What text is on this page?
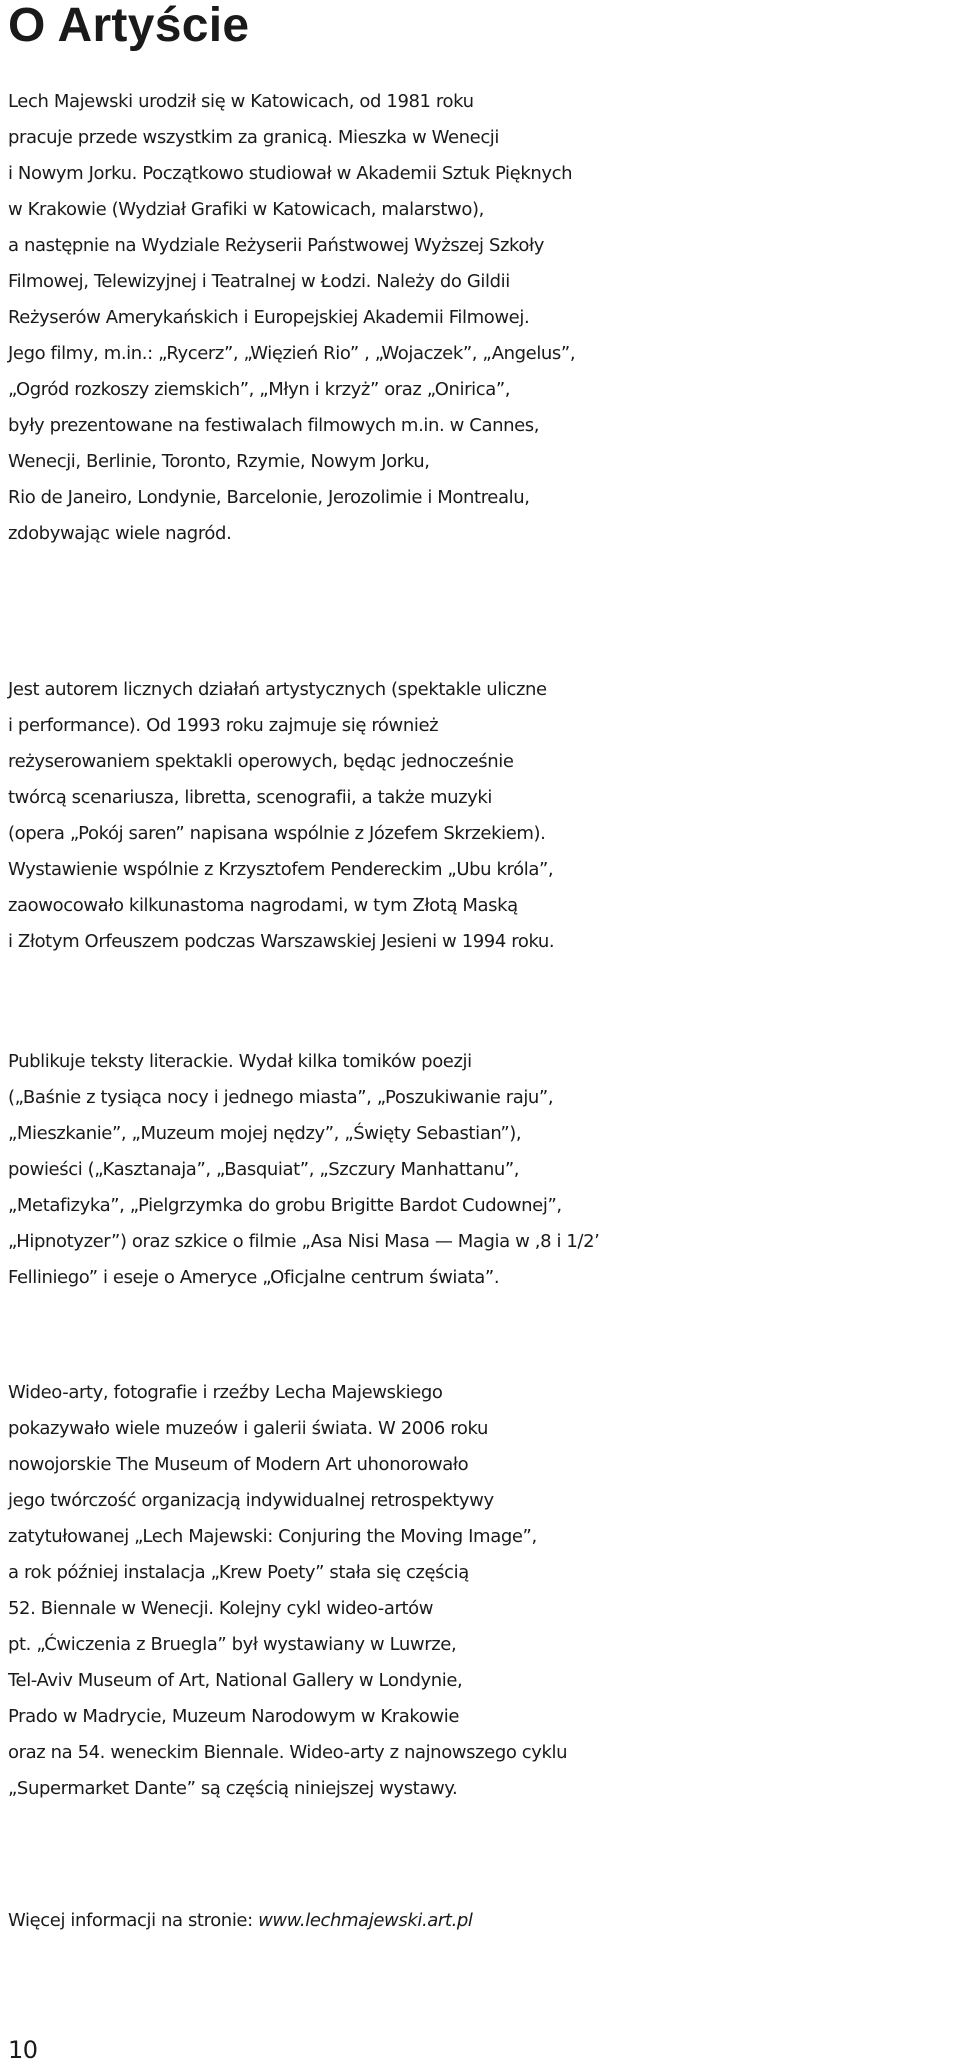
O Artyście
Lech Majewski urodził się w Katowicach, od 1981 roku
pracuje przede wszystkim za granicą. Mieszka w Wenecji
i Nowym Jorku. Początkowo studiował w Akademii Sztuk Pięknych
w Krakowie (Wydział Grafiki w Katowicach, malarstwo),
a następnie na Wydziale Reżyserii Państwowej Wyższej Szkoły
Filmowej, Telewizyjnej i Teatralnej w Łodzi. Należy do Gildii
Reżyserów Amerykańskich i Europejskiej Akademii Filmowej.
Jego filmy, m.in.: „Rycerz”, „Więzień Rio” , „Wojaczek”, „Angelus”,
„Ogród rozkoszy ziemskich”, „Młyn i krzyż” oraz „Onirica”,
były prezentowane na festiwalach filmowych m.in. w Cannes,
Wenecji, Berlinie, Toronto, Rzymie, Nowym Jorku,
Rio de Janeiro, Londynie, Barcelonie, Jerozolimie i Montrealu,
zdobywając wiele nagród.
Jest autorem licznych działań artystycznych (spektakle uliczne
i performance). Od 1993 roku zajmuje się również
reżyserowaniem spektakli operowych, będąc jednocześnie
twórcą scenariusza, libretta, scenografii, a także muzyki
(opera „Pokój saren” napisana wspólnie z Józefem Skrzekiem).
Wystawienie wspólnie z Krzysztofem Pendereckim „Ubu króla”,
zaowocowało kilkunastoma nagrodami, w tym Złotą Maską
i Złotym Orfeuszem podczas Warszawskiej Jesieni w 1994 roku.
Publikuje teksty literackie. Wydał kilka tomików poezji
(„Baśnie z tysiąca nocy i jednego miasta”, „Poszukiwanie raju”,
„Mieszkanie”, „Muzeum mojej nędzy”, „Święty Sebastian”),
powieści („Kasztanaja”, „Basquiat”, „Szczury Manhattanu”,
„Metafizyka”, „Pielgrzymka do grobu Brigitte Bardot Cudownej”,
„Hipnotyzer”) oraz szkice o filmie „Asa Nisi Masa — Magia w ,8 i 1/2’
Felliniego” i eseje o Ameryce „Oficjalne centrum świata”.
Wideo-arty, fotografie i rzeźby Lecha Majewskiego
pokazywało wiele muzeów i galerii świata. W 2006 roku
nowojorskie The Museum of Modern Art uhonorowało
jego twórczość organizacją indywidualnej retrospektywy
zatytułowanej „Lech Majewski: Conjuring the Moving Image”,
a rok później instalacja „Krew Poety” stała się częścią
52. Biennale w Wenecji. Kolejny cykl wideo-artów
pt. „Ćwiczenia z Bruegla” był wystawiany w Luwrze,
Tel-Aviv Museum of Art, National Gallery w Londynie,
Prado w Madrycie, Muzeum Narodowym w Krakowie
oraz na 54. weneckim Biennale. Wideo-arty z najnowszego cyklu
„Supermarket Dante” są częścią niniejszej wystawy.
Więcej informacji na stronie: www.lechmajewski.art.pl
10
